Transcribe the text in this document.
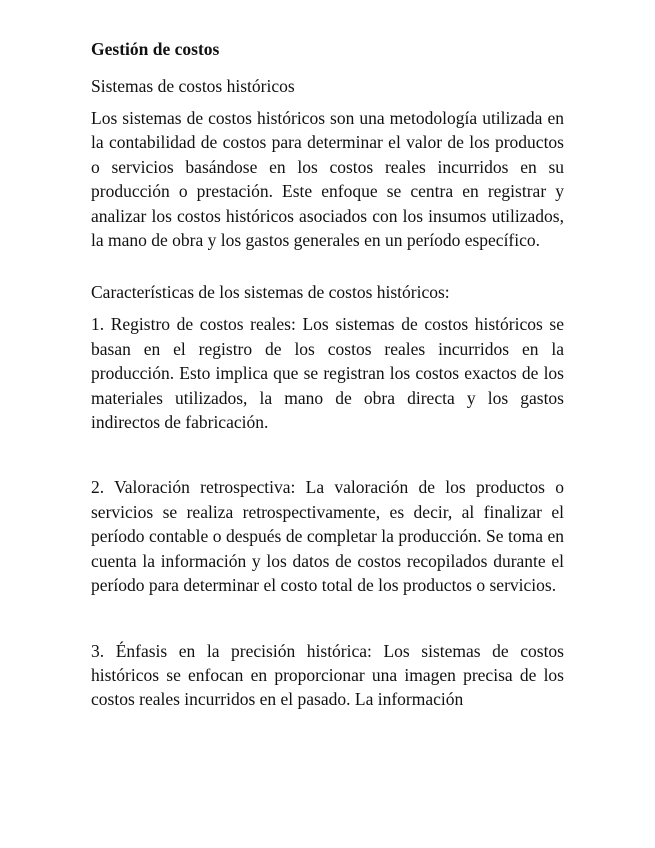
Gestión de costos
Sistemas de costos históricos

Los sistemas de costos históricos son una metodología utilizada en la contabilidad de costos para determinar el valor de los productos o servicios basándose en los costos reales incurridos en su producción o prestación. Este enfoque se centra en registrar y analizar los costos históricos asociados con los insumos utilizados, la mano de obra y los gastos generales en un período específico.

Características de los sistemas de costos históricos:

1. Registro de costos reales: Los sistemas de costos históricos se basan en el registro de los costos reales incurridos en la producción. Esto implica que se registran los costos exactos de los materiales utilizados, la mano de obra directa y los gastos indirectos de fabricación.

2. Valoración retrospectiva: La valoración de los productos o servicios se realiza retrospectivamente, es decir, al finalizar el período contable o después de completar la producción. Se toma en cuenta la información y los datos de costos recopilados durante el período para determinar el costo total de los productos o servicios.

3. Énfasis en la precisión histórica: Los sistemas de costos históricos se enfocan en proporcionar una imagen precisa de los costos reales incurridos en el pasado. La información
